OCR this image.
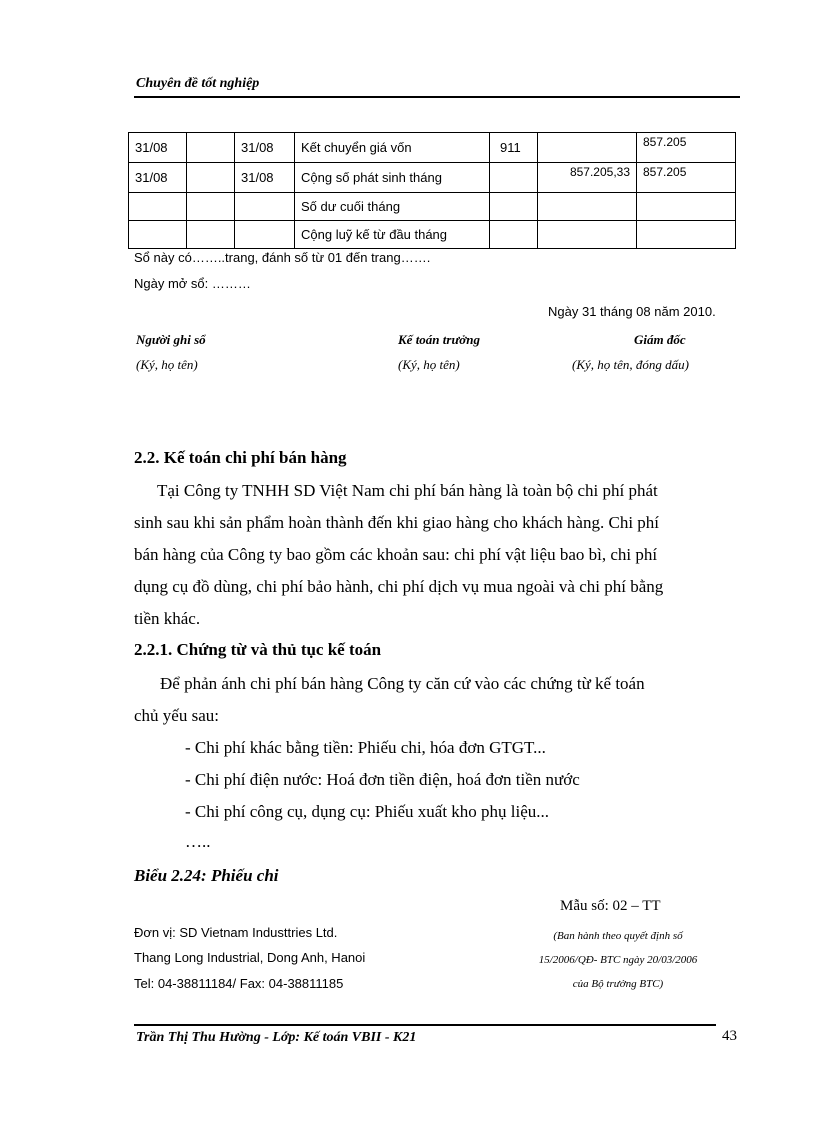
Chuyên đề tốt nghiệp
31/08		31/08	Kết chuyển giá vốn	911		857.205
31/08		31/08	Cộng số phát sinh tháng		857.205,33	857.205
			Số dư cuối tháng			
			Cộng luỹ kế từ đầu tháng			
Sổ này có……..trang, đánh số từ 01 đến trang…….
Ngày mở sổ: ………
Ngày 31 tháng 08 năm 2010.
Người ghi sổ	Kế toán trưởng	Giám đốc
(Ký, họ tên)	(Ký, họ tên)	(Ký, họ tên, đóng dấu)
2.2. Kế toán chi phí bán hàng
Tại Công ty TNHH SD Việt Nam chi phí bán hàng là toàn bộ chi phí phát
sinh sau khi sản phẩm hoàn thành đến khi giao hàng cho khách hàng. Chi phí
bán hàng của Công ty bao gồm các khoản sau: chi phí vật liệu bao bì, chi phí
dụng cụ đồ dùng, chi phí bảo hành, chi phí dịch vụ mua ngoài và chi phí bằng
tiền khác.
2.2.1. Chứng từ và thủ tục kế toán
Để phản ánh chi phí bán hàng Công ty căn cứ vào các chứng từ kế toán
chủ yếu sau:
- Chi phí khác bằng tiền: Phiếu chi, hóa đơn GTGT...
- Chi phí điện nước: Hoá đơn tiền điện, hoá đơn tiền nước
- Chi phí công cụ, dụng cụ: Phiếu xuất kho phụ liệu...
…..
Biểu 2.24: Phiếu chi
Mẫu số: 02 – TT
(Ban hành theo quyết định số
15/2006/QĐ- BTC ngày 20/03/2006
của Bộ trưởng BTC)
Đơn vị: SD Vietnam Industtries Ltd.
Thang Long Industrial, Dong Anh, Hanoi
Tel: 04-38811184/ Fax: 04-38811185
Trần Thị Thu Hường - Lớp: Kế toán VBII - K21	43
